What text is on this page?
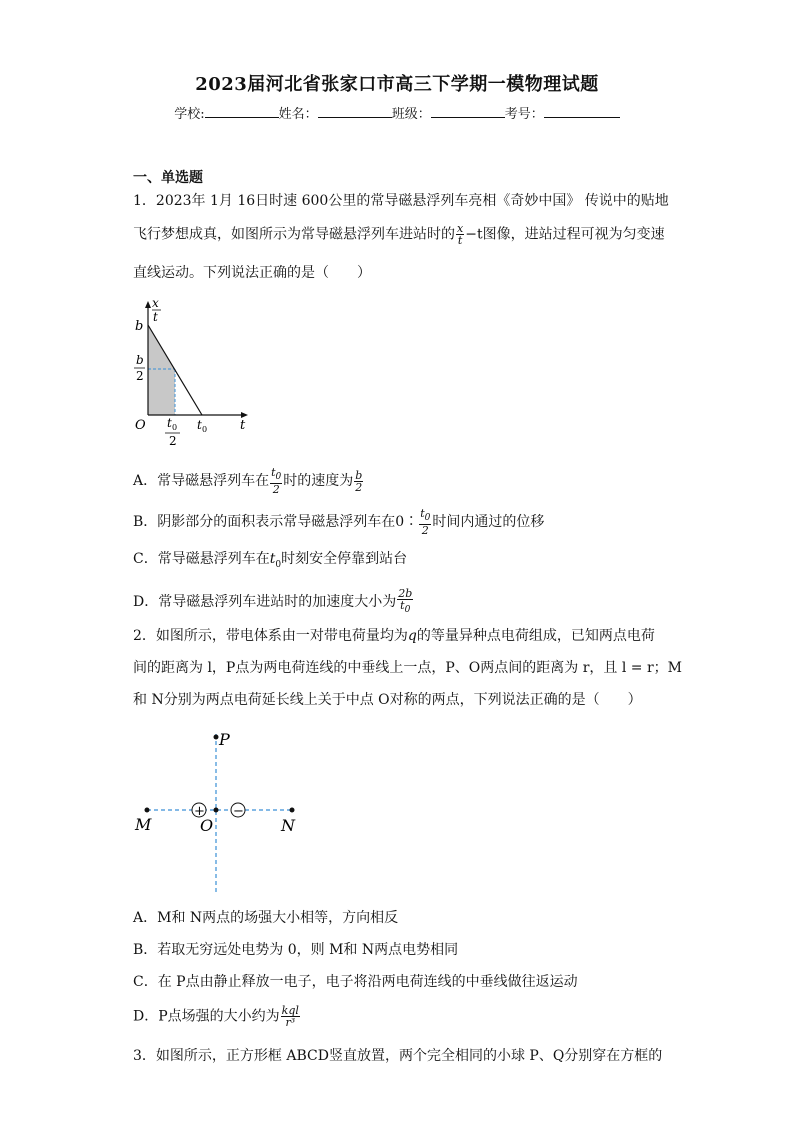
2023届河北省张家口市高三下学期一模物理试题
学校:	姓名：	班级：	考号：
一、单选题
1．2023年 1月 16日时速 600公里的常导磁悬浮列车亮相《奇妙中国》 传说中的贴地
飞行梦想成真，如图所示为常导磁悬浮列车进站时的 $\frac{x}{t} -t$图像，进站过程可视为匀变速
直线运动。下列说法正确的是（　　）
x
t
b
b
2
O t 0
2
t 0	t
A．常导磁悬浮列车在 $\frac{t_0}{2}$ 时的速度为 $\frac{b}{2}$
B．阴影部分的面积表示常导磁悬浮列车在0∶ $\frac{t_0}{2}$ 时间内通过的位移
C．常导磁悬浮列车在$t_0$时刻安全停靠到站台
D．常导磁悬浮列车进站时的加速度大小为 $\frac{2b}{t_0}$
2．如图所示，带电体系由一对带电荷量均为q的等量异种点电荷组成，已知两点电荷
间的距离为 l，P点为两电荷连线的中垂线上一点，P、O两点间的距离为 r，且 l = r；M
和 N分别为两点电荷延长线上关于中点 O对称的两点，下列说法正确的是（　　）
P
M
+
O
−
N
A．M和 N两点的场强大小相等，方向相反
B．若取无穷远处电势为 0，则 M和 N两点电势相同
C．在 P点由静止释放一电子，电子将沿两电荷连线的中垂线做往返运动
D．P点场强的大小约为 $\frac{\text{kql}}{\text{r³}}$
3．如图所示，正方形框 ABCD竖直放置，两个完全相同的小球 P、Q分别穿在方框的
